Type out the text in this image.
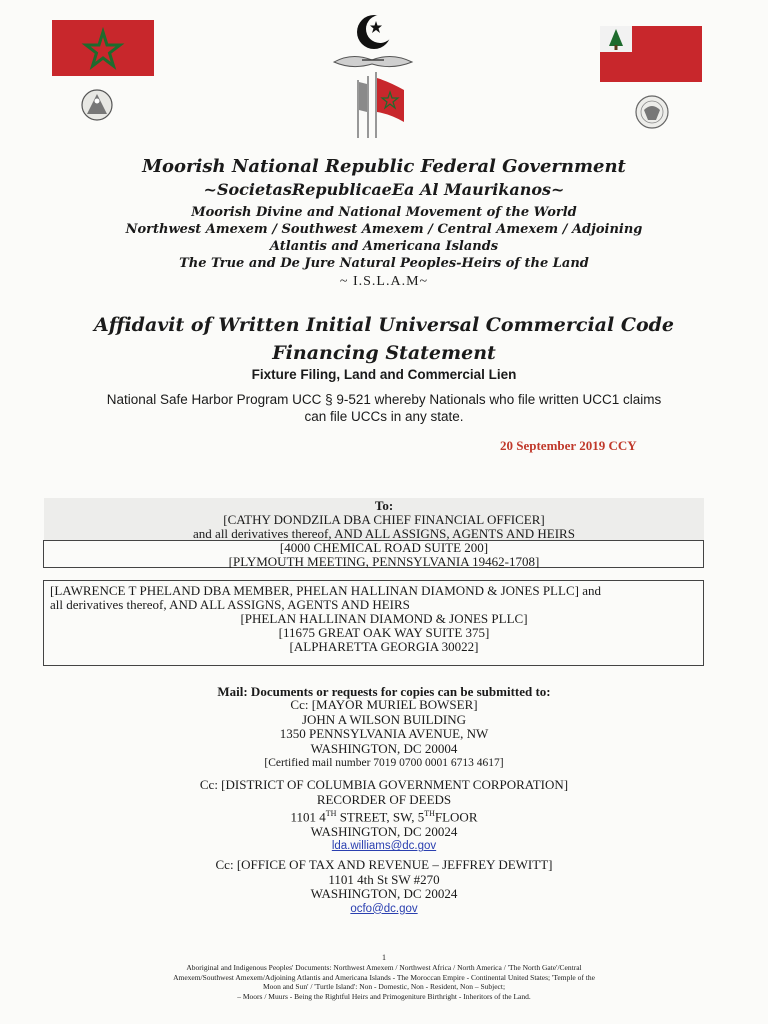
Moorish National Republic Federal Government
~SocietasRepublicaeEa Al Maurikanos~
Moorish Divine and National Movement of the World
Northwest Amexem / Southwest Amexem / Central Amexem / Adjoining
Atlantis and Americana Islands
The True and De Jure Natural Peoples-Heirs of the Land
~ I.S.L.A.M~
Affidavit of Written Initial Universal Commercial Code
Financing Statement
Fixture Filing, Land and Commercial Lien
National Safe Harbor Program UCC § 9-521 whereby Nationals who file written UCC1 claims
can file UCCs in any state.
20 September 2019 CCY
To:
[CATHY DONDZILA DBA CHIEF FINANCIAL OFFICER]
and all derivatives thereof, AND ALL ASSIGNS, AGENTS AND HEIRS
[4000 CHEMICAL ROAD SUITE 200]
[PLYMOUTH MEETING, PENNSYLVANIA 19462-1708]
[LAWRENCE T PHELAND DBA MEMBER, PHELAN HALLINAN DIAMOND & JONES PLLC] and
all derivatives thereof, AND ALL ASSIGNS, AGENTS AND HEIRS
[PHELAN HALLINAN DIAMOND & JONES PLLC]
[11675 GREAT OAK WAY SUITE 375]
[ALPHARETTA GEORGIA 30022]
Mail: Documents or requests for copies can be submitted to:
Cc: [MAYOR MURIEL BOWSER]
JOHN A WILSON BUILDING
1350 PENNSYLVANIA AVENUE, NW
WASHINGTON, DC 20004
[Certified mail number 7019 0700 0001 6713 4617]
Cc: [DISTRICT OF COLUMBIA GOVERNMENT CORPORATION]
RECORDER OF DEEDS
1101 4TH STREET, SW, 5THFLOOR
WASHINGTON, DC 20024
lda.williams@dc.gov
Cc: [OFFICE OF TAX AND REVENUE – JEFFREY DEWITT]
1101 4th St SW #270
WASHINGTON, DC 20024
ocfo@dc.gov
1
Aboriginal and Indigenous Peoples' Documents: Northwest Amexem / Northwest Africa / North America / 'The North Gate'/Central
Amexem/Southwest Amexem/Adjoining Atlantis and Americana Islands - The Moroccan Empire - Continental United States; 'Temple of the
Moon and Sun' / 'Turtle Island': Non - Domestic, Non - Resident, Non – Subject;
– Moors / Muurs - Being the Rightful Heirs and Primogeniture Birthright - Inheritors of the Land.
